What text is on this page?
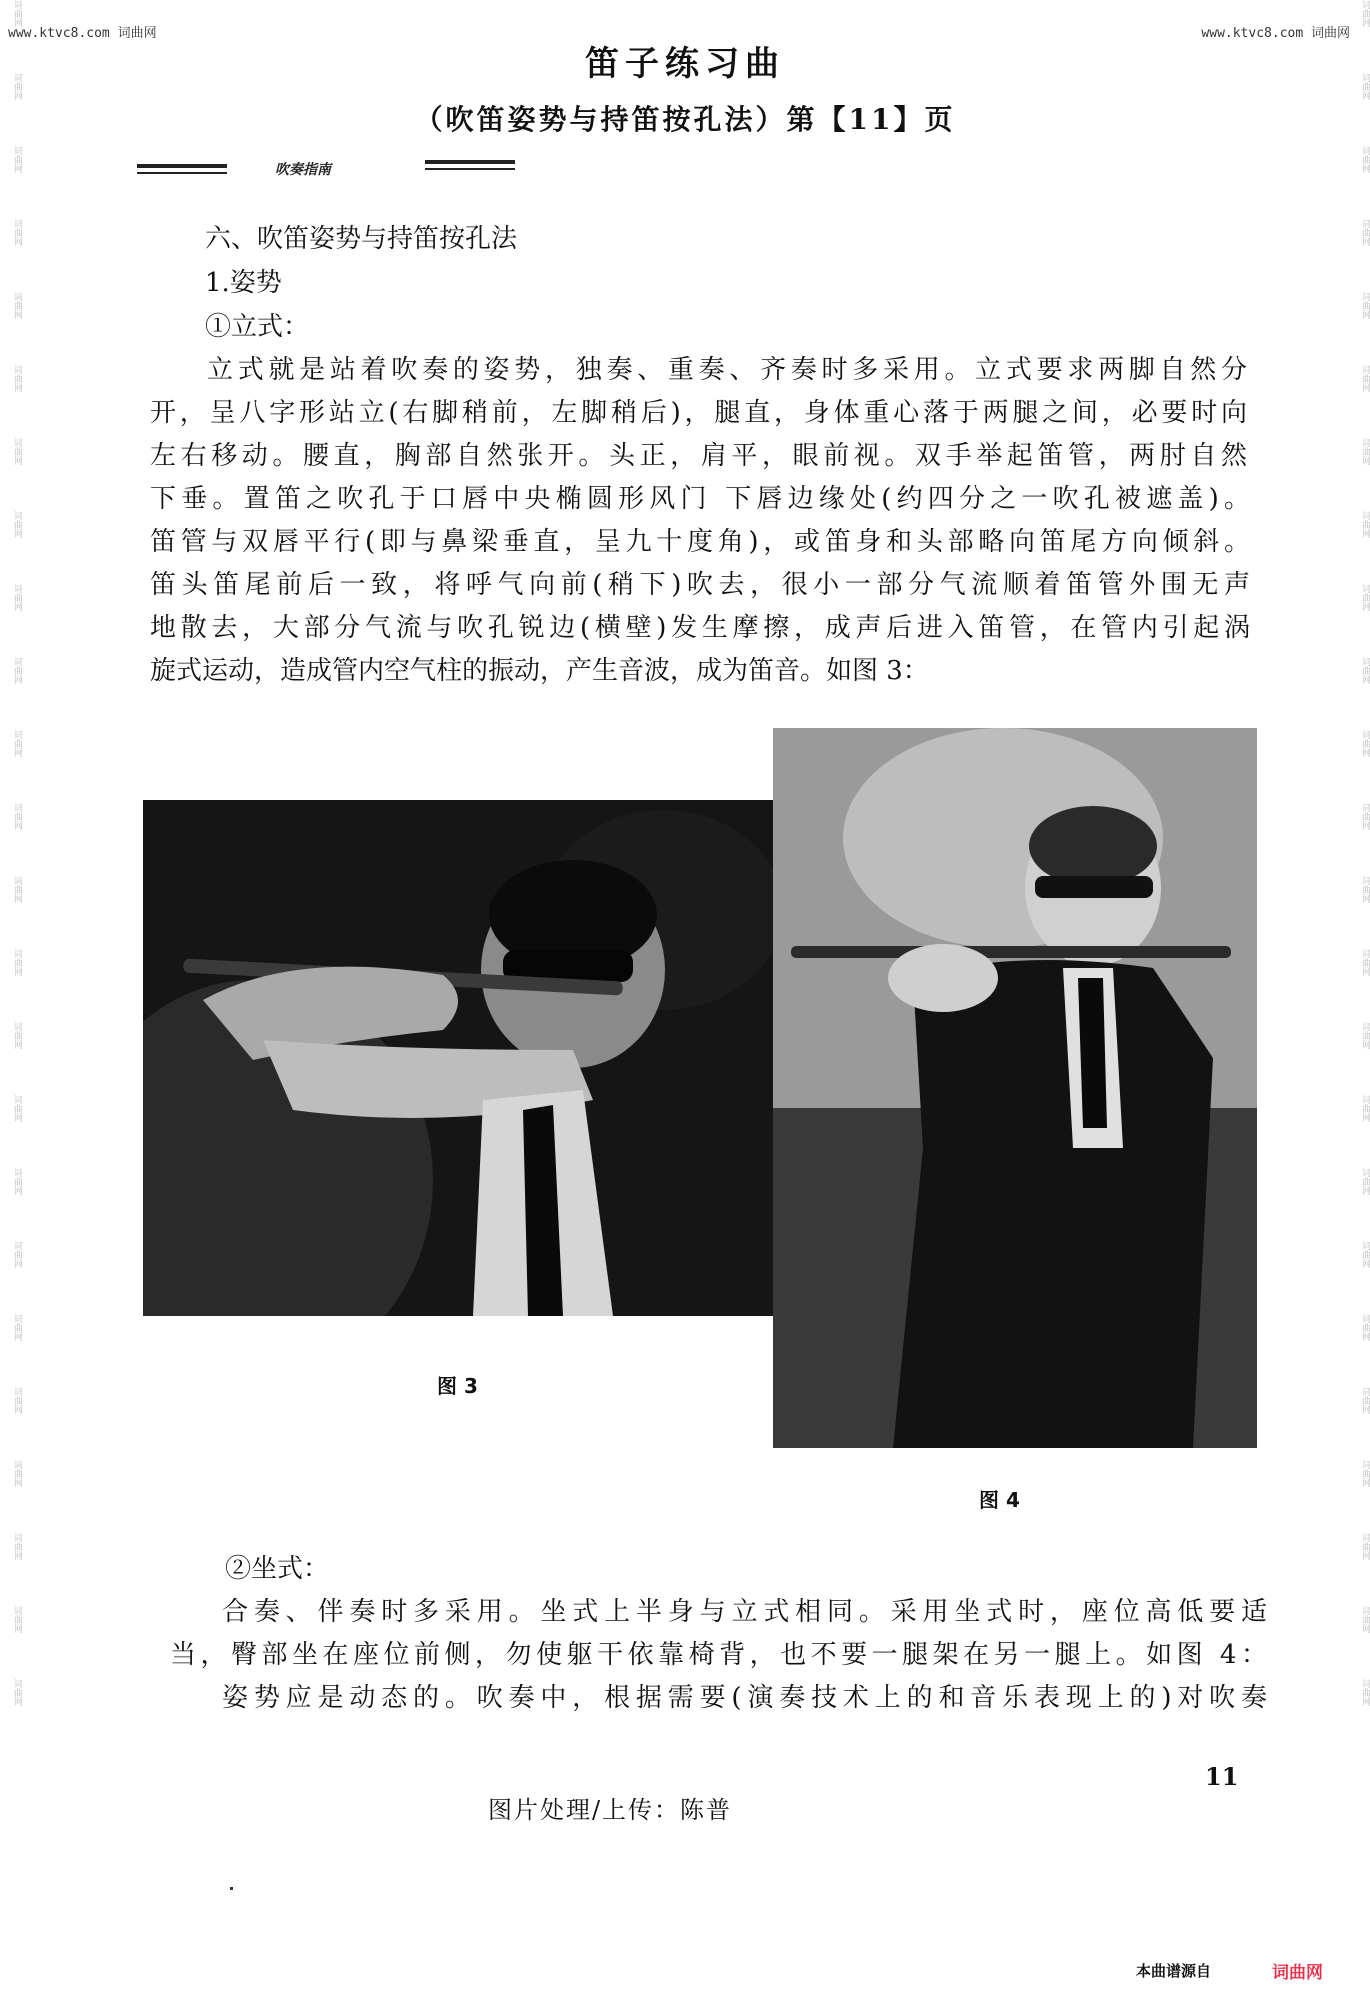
www.ktvc8.com 词曲网	www.ktvc8.com 词曲网
词曲网
词曲网
词曲网
词曲网
词曲网
词曲网
词曲网
词曲网
词曲网
词曲网
词曲网
词曲网
词曲网
词曲网
词曲网
词曲网
词曲网
词曲网
词曲网
词曲网
词曲网
词曲网
词曲网
词曲网
词曲网
词曲网
词曲网
词曲网
词曲网
词曲网
词曲网
词曲网
词曲网
词曲网
词曲网
词曲网
词曲网
词曲网
词曲网
词曲网
词曲网
词曲网
词曲网
词曲网
词曲网
词曲网
词曲网
词曲网
笛子练习曲
（吹笛姿势与持笛按孔法）第【11】页
吹奏指南
六、吹笛姿势与持笛按孔法
1.姿势
①立式：
立式就是站着吹奏的姿势，独奏、重奏、齐奏时多采用。立式要求两脚自然分
开，呈八字形站立(右脚稍前，左脚稍后)，腿直，身体重心落于两腿之间，必要时向
左右移动。腰直，胸部自然张开。头正，肩平，眼前视。双手举起笛管，两肘自然
下垂。置笛之吹孔于口唇中央椭圆形风门 下唇边缘处(约四分之一吹孔被遮盖)。
笛管与双唇平行(即与鼻梁垂直，呈九十度角)，或笛身和头部略向笛尾方向倾斜。
笛头笛尾前后一致，将呼气向前(稍下)吹去，很小一部分气流顺着笛管外围无声
地散去，大部分气流与吹孔锐边(横壁)发生摩擦，成声后进入笛管，在管内引起涡
旋式运动，造成管内空气柱的振动，产生音波，成为笛音。如图 3：
图 3
图 4
②坐式：
合奏、伴奏时多采用。坐式上半身与立式相同。采用坐式时，座位高低要适
当，臀部坐在座位前侧，勿使躯干依靠椅背，也不要一腿架在另一腿上。如图 4：
姿势应是动态的。吹奏中，根据需要(演奏技术上的和音乐表现上的)对吹奏
11
图片处理/上传：陈普
本曲谱源自	词曲网
